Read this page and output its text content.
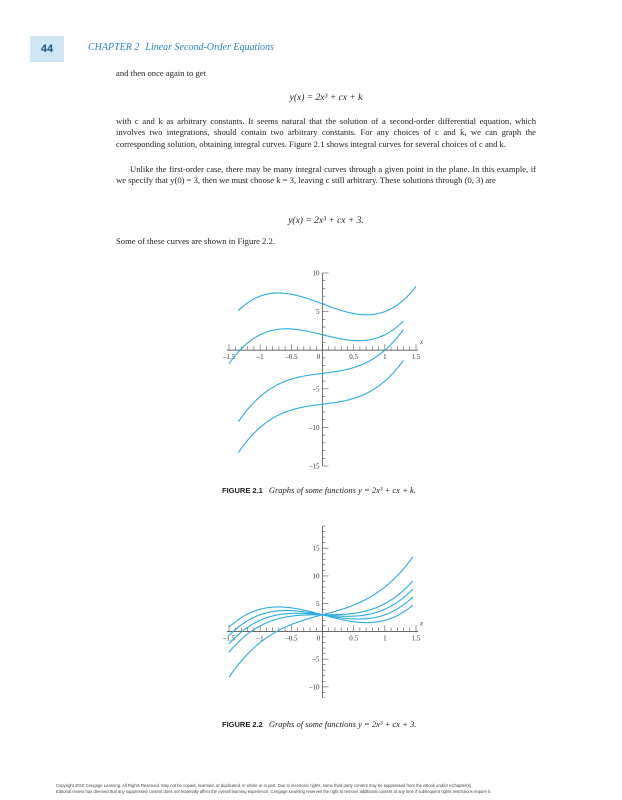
44	CHAPTER 2 Linear Second-Order Equations

and then once again to get

y(x) = 2x³ + cx + k

with c and k as arbitrary constants. It seems natural that the solution of a second-order differential equation, which involves two integrations, should contain two arbitrary constants. For any choices of c and k, we can graph the corresponding solution, obtaining integral curves. Figure 2.1 shows integral curves for several choices of c and k.

Unlike the first-order case, there may be many integral curves through a given point in the plane. In this example, if we specify that y(0) = 3, then we must choose k = 3, leaving c still arbitrary. These solutions through (0, 3) are

y(x) = 2x³ + cx + 3.

Some of these curves are shown in Figure 2.2.

–1.5	–1	–0.5	0	0.5	1	1.5
–15
–10
–5
5
10
x
FIGURE 2.1 Graphs of some functions y = 2x³ + cx + k.
–1.5	–1	–0.5	0	0.5	1	1.5
–10
–5
5
10
15
x
FIGURE 2.2 Graphs of some functions y = 2x³ + cx + 3.
Copyright 2010 Cengage Learning. All Rights Reserved. May not be copied, scanned, or duplicated, in whole or in part. Due to electronic rights, some third party content may be suppressed from the eBook and/or eChapter(s).
Editorial review has deemed that any suppressed content does not materially affect the overall learning experience. Cengage Learning reserves the right to remove additional content at any time if subsequent rights restrictions require it.
